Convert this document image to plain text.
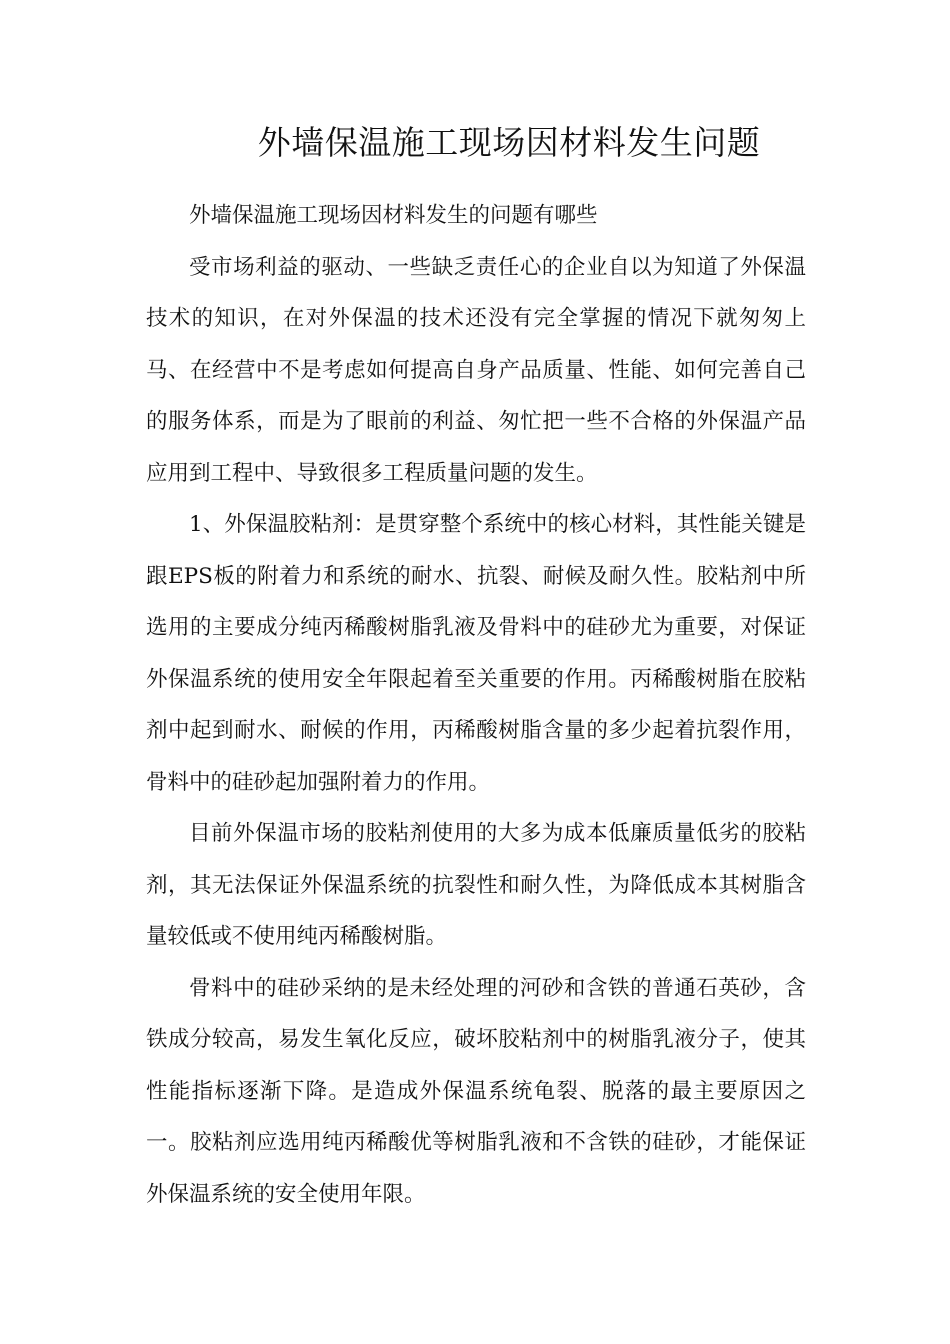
外墙保温施工现场因材料发生问题

外墙保温施工现场因材料发生的问题有哪些

受市场利益的驱动、一些缺乏责任心的企业自以为知道了外保温技术的知识，在对外保温的技术还没有完全掌握的情况下就匆匆上马、在经营中不是考虑如何提高自身产品质量、性能、如何完善自己的服务体系，而是为了眼前的利益、匆忙把一些不合格的外保温产品应用到工程中、导致很多工程质量问题的发生。

1、外保温胶粘剂：是贯穿整个系统中的核心材料，其性能关键是跟EPS板的附着力和系统的耐水、抗裂、耐候及耐久性。胶粘剂中所选用的主要成分纯丙稀酸树脂乳液及骨料中的硅砂尤为重要，对保证外保温系统的使用安全年限起着至关重要的作用。丙稀酸树脂在胶粘剂中起到耐水、耐候的作用，丙稀酸树脂含量的多少起着抗裂作用，骨料中的硅砂起加强附着力的作用。

目前外保温市场的胶粘剂使用的大多为成本低廉质量低劣的胶粘剂，其无法保证外保温系统的抗裂性和耐久性，为降低成本其树脂含量较低或不使用纯丙稀酸树脂。

骨料中的硅砂采纳的是未经处理的河砂和含铁的普通石英砂，含铁成分较高，易发生氧化反应，破坏胶粘剂中的树脂乳液分子，使其性能指标逐渐下降。是造成外保温系统龟裂、脱落的最主要原因之一。胶粘剂应选用纯丙稀酸优等树脂乳液和不含铁的硅砂，才能保证外保温系统的安全使用年限。
